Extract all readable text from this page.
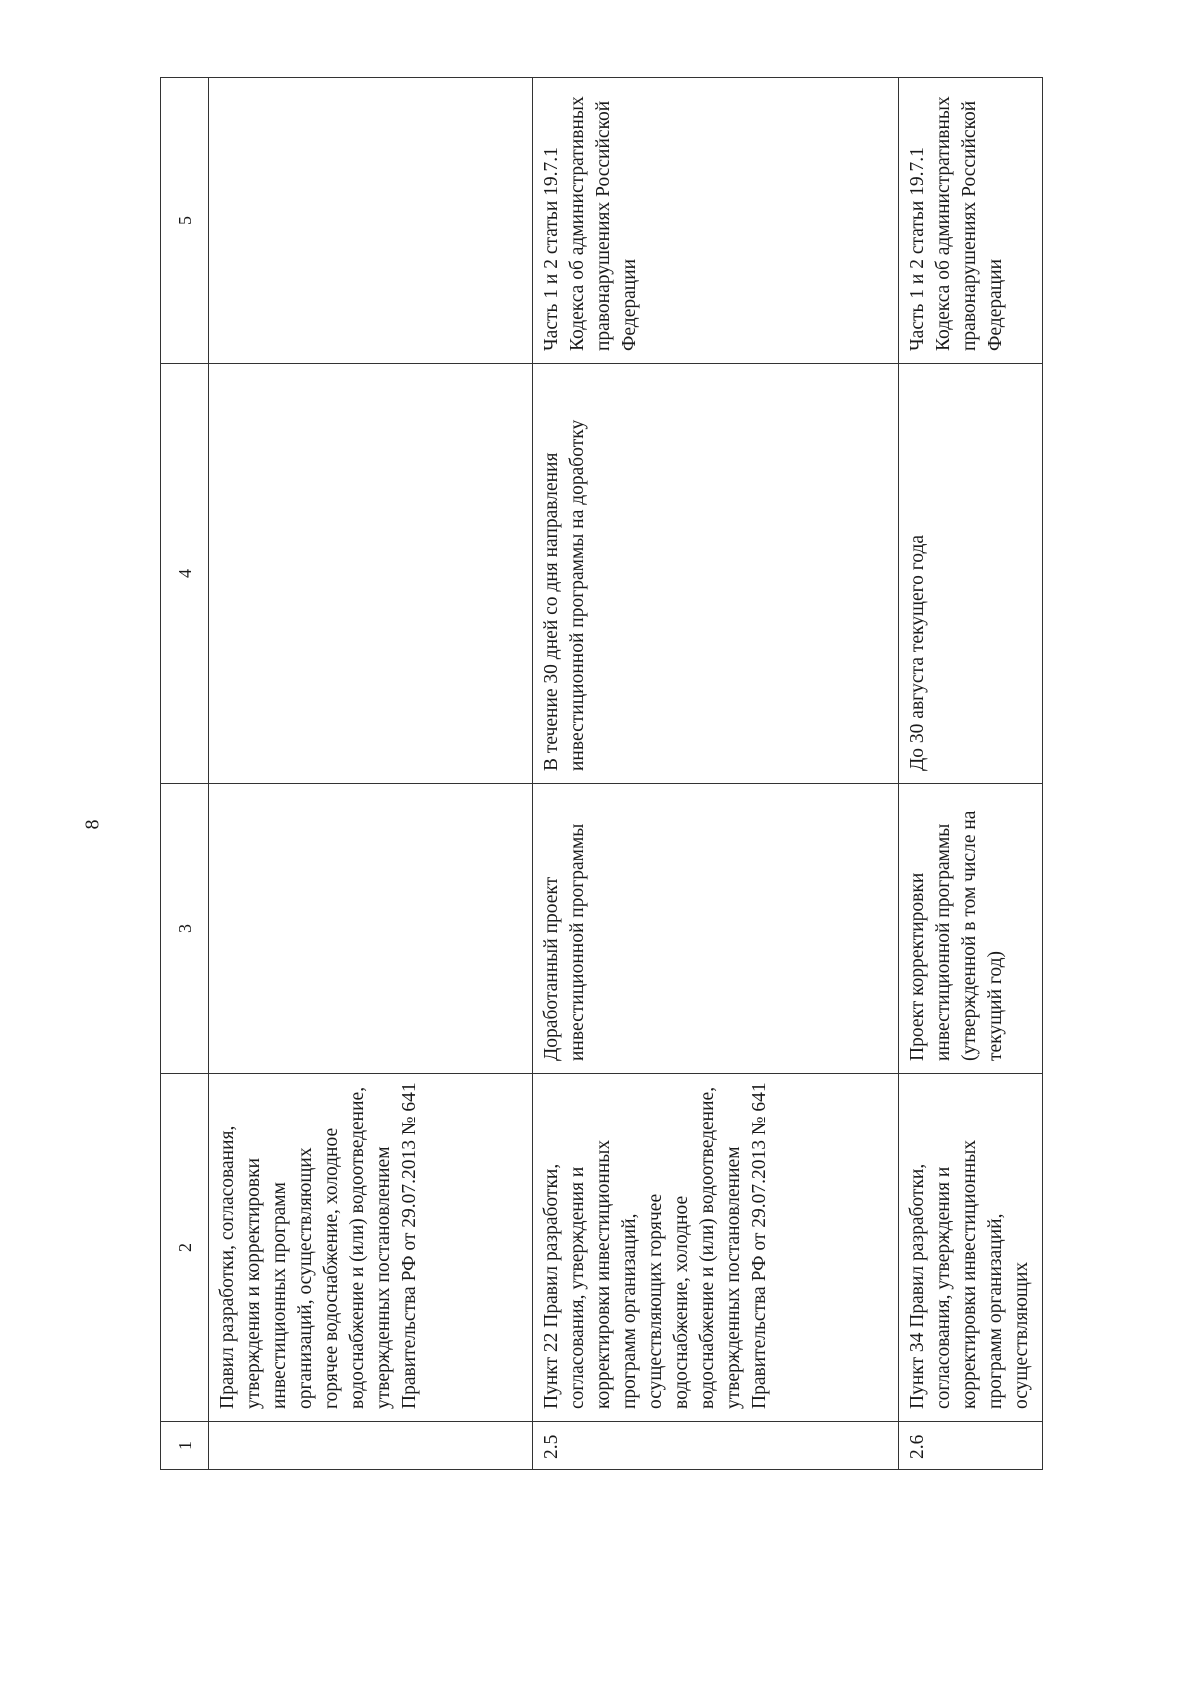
8
1	2	3	4	5
	Правил разработки, согласования, утверждения и корректировки инвестиционных программ организаций, осуществляющих горячее водоснабжение, холодное водоснабжение и (или) водоотведение, утвержденных постановлением Правительства РФ от 29.07.2013 № 641			
2.5	Пункт 22 Правил разработки, согласования, утверждения и корректировки инвестиционных программ организаций, осуществляющих горячее водоснабжение, холодное водоснабжение и (или) водоотведение, утвержденных постановлением Правительства РФ от 29.07.2013 № 641	Доработанный проект инвестиционной программы	В течение 30 дней со дня направления инвестиционной программы на доработку	Часть 1 и 2 статьи 19.7.1 Кодекса об административных правонарушениях Российской Федерации
2.6	Пункт 34 Правил разработки, согласования, утверждения и корректировки инвестиционных программ организаций, осуществляющих	Проект корректировки инвестиционной программы (утвержденной в том числе на текущий год)	До 30 августа текущего года	Часть 1 и 2 статьи 19.7.1 Кодекса об административных правонарушениях Российской Федерации
